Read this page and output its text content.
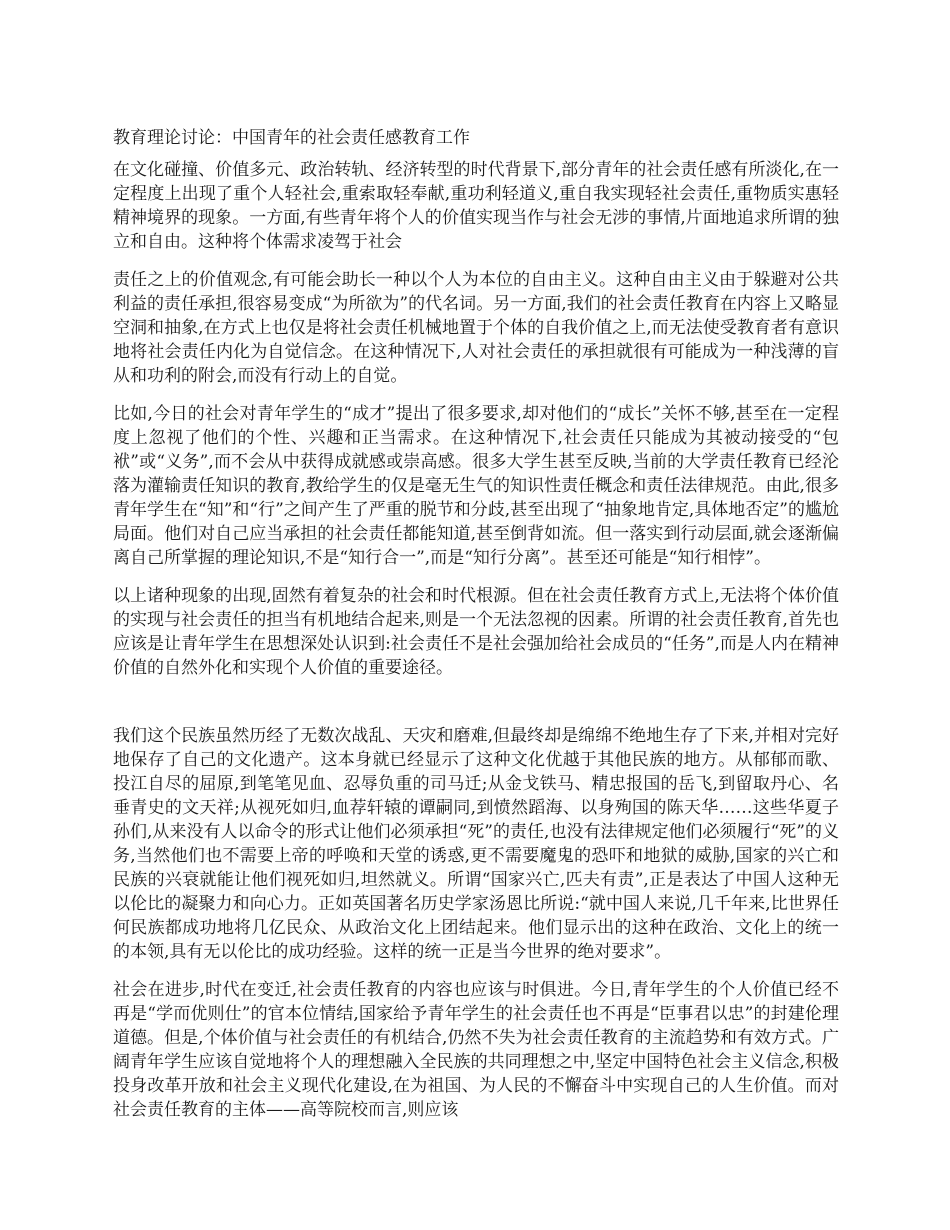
教育理论讨论：中国青年的社会责任感教育工作

在文化碰撞、价值多元、政治转轨、经济转型的时代背景下,部分青年的社会责任感有所淡化,在一定程度上出现了重个人轻社会,重索取轻奉献,重功利轻道义,重自我实现轻社会责任,重物质实惠轻精神境界的现象。一方面,有些青年将个人的价值实现当作与社会无涉的事情,片面地追求所谓的独立和自由。这种将个体需求凌驾于社会

责任之上的价值观念,有可能会助长一种以个人为本位的自由主义。这种自由主义由于躲避对公共利益的责任承担,很容易变成“为所欲为”的代名词。另一方面,我们的社会责任教育在内容上又略显空洞和抽象,在方式上也仅是将社会责任机械地置于个体的自我价值之上,而无法使受教育者有意识地将社会责任内化为自觉信念。在这种情况下,人对社会责任的承担就很有可能成为一种浅薄的盲从和功利的附会,而没有行动上的自觉。

比如,今日的社会对青年学生的“成才”提出了很多要求,却对他们的“成长”关怀不够,甚至在一定程度上忽视了他们的个性、兴趣和正当需求。在这种情况下,社会责任只能成为其被动接受的“包袱”或“义务”,而不会从中获得成就感或崇高感。很多大学生甚至反映,当前的大学责任教育已经沦落为灌输责任知识的教育,教给学生的仅是毫无生气的知识性责任概念和责任法律规范。由此,很多青年学生在“知”和“行”之间产生了严重的脱节和分歧,甚至出现了“抽象地肯定,具体地否定”的尴尬局面。他们对自己应当承担的社会责任都能知道,甚至倒背如流。但一落实到行动层面,就会逐渐偏离自己所掌握的理论知识,不是“知行合一”,而是“知行分离”。甚至还可能是“知行相悖”。

以上诸种现象的出现,固然有着复杂的社会和时代根源。但在社会责任教育方式上,无法将个体价值的实现与社会责任的担当有机地结合起来,则是一个无法忽视的因素。所谓的社会责任教育,首先也应该是让青年学生在思想深处认识到:社会责任不是社会强加给社会成员的“任务”,而是人内在精神价值的自然外化和实现个人价值的重要途径。

我们这个民族虽然历经了无数次战乱、天灾和磨难,但最终却是绵绵不绝地生存了下来,并相对完好地保存了自己的文化遗产。这本身就已经显示了这种文化优越于其他民族的地方。从郁郁而歌、投江自尽的屈原,到笔笔见血、忍辱负重的司马迁;从金戈铁马、精忠报国的岳飞,到留取丹心、名垂青史的文天祥;从视死如归,血荐轩辕的谭嗣同,到愤然蹈海、以身殉国的陈天华……这些华夏子孙们,从来没有人以命令的形式让他们必须承担“死”的责任,也没有法律规定他们必须履行“死”的义务,当然他们也不需要上帝的呼唤和天堂的诱惑,更不需要魔鬼的恐吓和地狱的威胁,国家的兴亡和民族的兴衰就能让他们视死如归,坦然就义。所谓“国家兴亡,匹夫有责”,正是表达了中国人这种无以伦比的凝聚力和向心力。正如英国著名历史学家汤恩比所说:“就中国人来说,几千年来,比世界任何民族都成功地将几亿民众、从政治文化上团结起来。他们显示出的这种在政治、文化上的统一的本领,具有无以伦比的成功经验。这样的统一正是当今世界的绝对要求”。

社会在进步,时代在变迁,社会责任教育的内容也应该与时俱进。今日,青年学生的个人价值已经不再是“学而优则仕”的官本位情结,国家给予青年学生的社会责任也不再是“臣事君以忠”的封建伦理道德。但是,个体价值与社会责任的有机结合,仍然不失为社会责任教育的主流趋势和有效方式。广阔青年学生应该自觉地将个人的理想融入全民族的共同理想之中,坚定中国特色社会主义信念,积极投身改革开放和社会主义现代化建设,在为祖国、为人民的不懈奋斗中实现自己的人生价值。而对社会责任教育的主体——高等院校而言,则应该
